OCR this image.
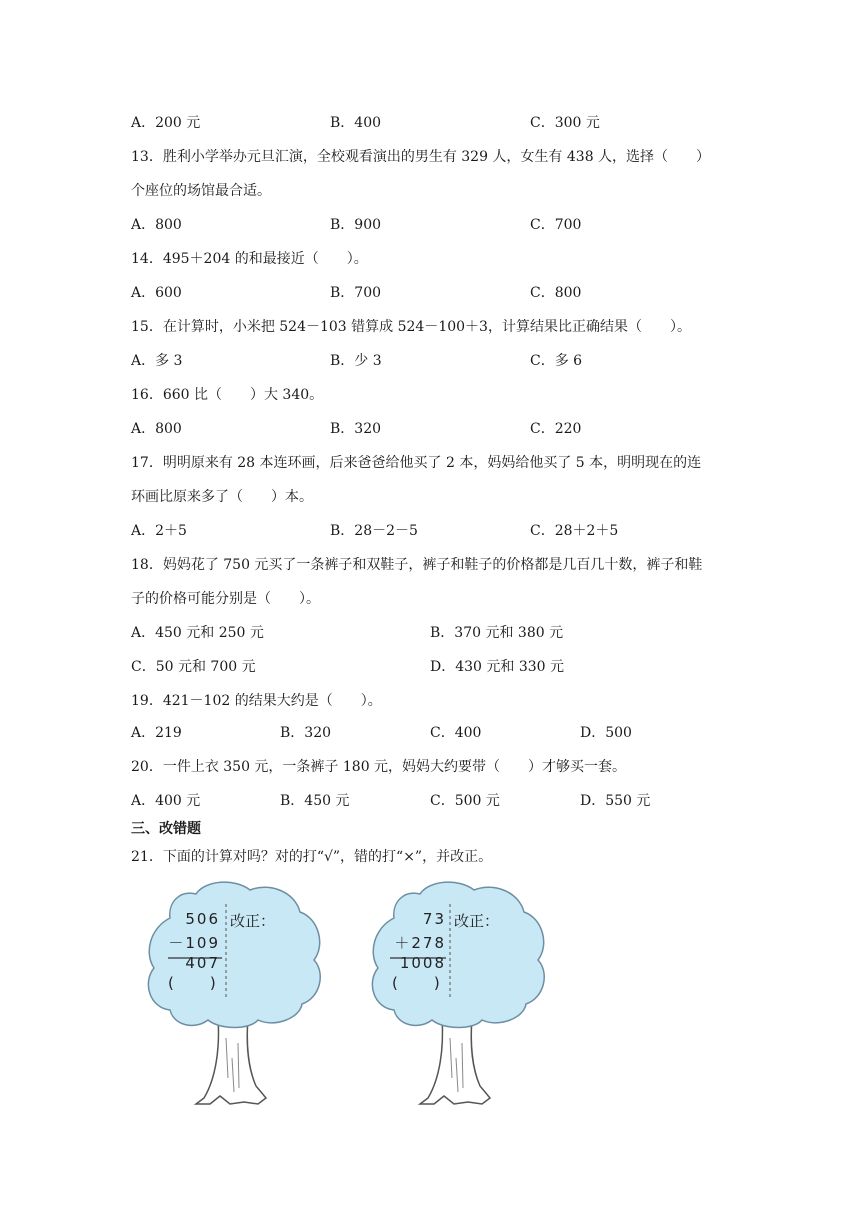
A．200 元	B．400	C．300 元
13．胜利小学举办元旦汇演，全校观看演出的男生有 329 人，女生有 438 人，选择（　　）
个座位的场馆最合适。
A．800	B．900	C．700
14．495＋204 的和最接近（　　）。
A．600	B．700	C．800
15．在计算时，小米把 524－103 错算成 524－100＋3，计算结果比正确结果（　　）。
A．多 3	B．少 3	C．多 6
16．660 比（　　）大 340。
A．800	B．320	C．220
17．明明原来有 28 本连环画，后来爸爸给他买了 2 本，妈妈给他买了 5 本，明明现在的连
环画比原来多了（　　）本。
A．2＋5	B．28－2－5	C．28＋2＋5
18．妈妈花了 750 元买了一条裤子和双鞋子，裤子和鞋子的价格都是几百几十数，裤子和鞋
子的价格可能分别是（　　）。
A．450 元和 250 元	B．370 元和 380 元
C．50 元和 700 元	D．430 元和 330 元
19．421－102 的结果大约是（　　）。
A．219	B．320	C．400	D．500
20．一件上衣 350 元，一条裤子 180 元，妈妈大约要带（　　）才够买一套。
A．400 元	B．450 元	C．500 元	D．550 元
三、改错题
21．下面的计算对吗？对的打“√”，错的打“×”，并改正。
506
－109
407
(　　)
改正：	73
＋278
1008
(　　)
改正：
